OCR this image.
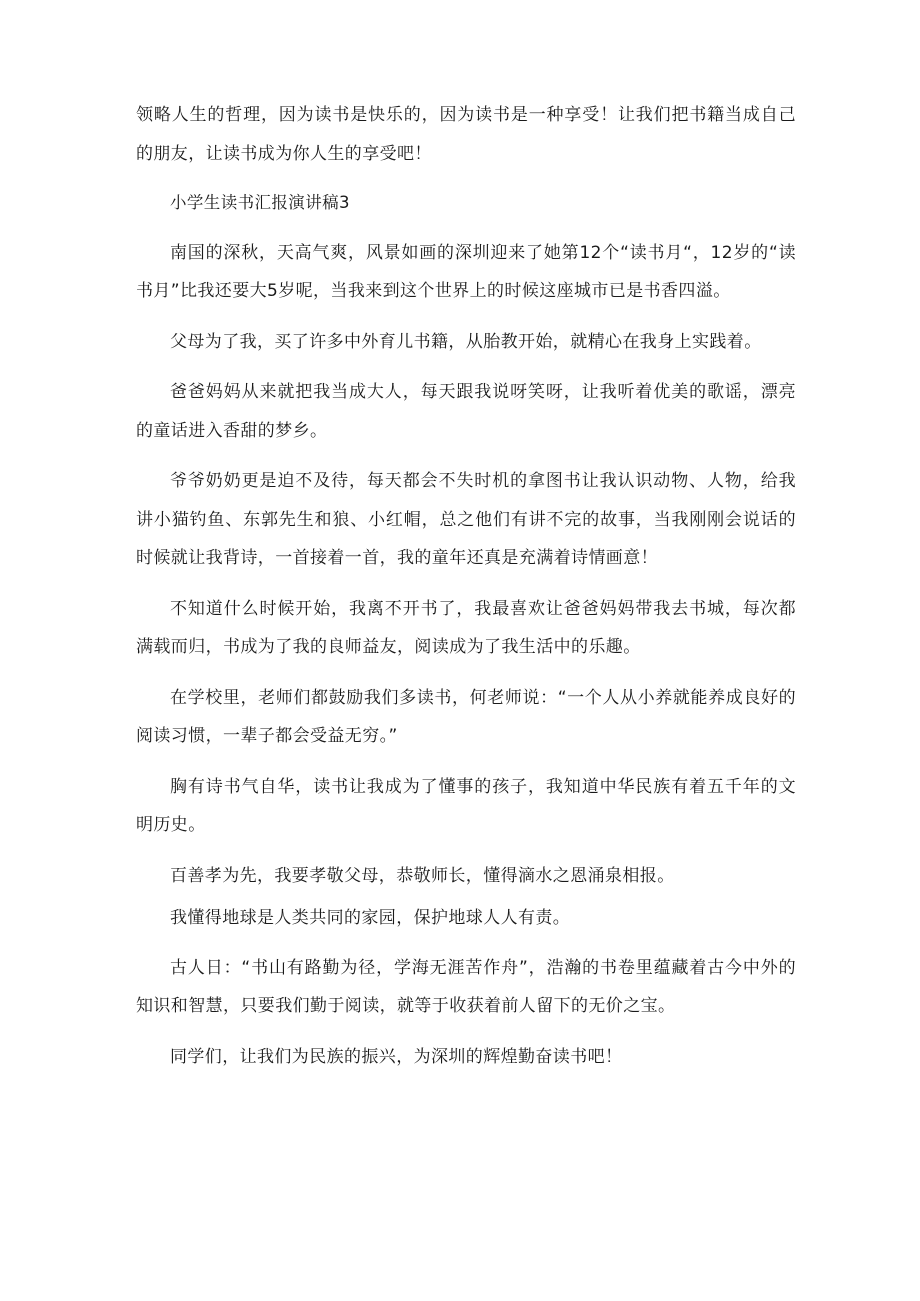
领略人生的哲理，因为读书是快乐的，因为读书是一种享受！让我们把书籍当成自己的朋友，让读书成为你人生的享受吧！

小学生读书汇报演讲稿3

南国的深秋，天高气爽，风景如画的深圳迎来了她第12个“读书月“，12岁的“读书月”比我还要大5岁呢，当我来到这个世界上的时候这座城市已是书香四溢。

父母为了我，买了许多中外育儿书籍，从胎教开始，就精心在我身上实践着。

爸爸妈妈从来就把我当成大人，每天跟我说呀笑呀，让我听着优美的歌谣，漂亮的童话进入香甜的梦乡。

爷爷奶奶更是迫不及待，每天都会不失时机的拿图书让我认识动物、人物，给我讲小猫钓鱼、东郭先生和狼、小红帽，总之他们有讲不完的故事，当我刚刚会说话的时候就让我背诗，一首接着一首，我的童年还真是充满着诗情画意！

不知道什么时候开始，我离不开书了，我最喜欢让爸爸妈妈带我去书城，每次都满载而归，书成为了我的良师益友，阅读成为了我生活中的乐趣。

在学校里，老师们都鼓励我们多读书，何老师说：“一个人从小养就能养成良好的阅读习惯，一辈子都会受益无穷。”

胸有诗书气自华，读书让我成为了懂事的孩子，我知道中华民族有着五千年的文明历史。

百善孝为先，我要孝敬父母，恭敬师长，懂得滴水之恩涌泉相报。

我懂得地球是人类共同的家园，保护地球人人有责。

古人日：“书山有路勤为径，学海无涯苦作舟”，浩瀚的书卷里蕴藏着古今中外的知识和智慧，只要我们勤于阅读，就等于收获着前人留下的无价之宝。

同学们，让我们为民族的振兴，为深圳的辉煌勤奋读书吧！
